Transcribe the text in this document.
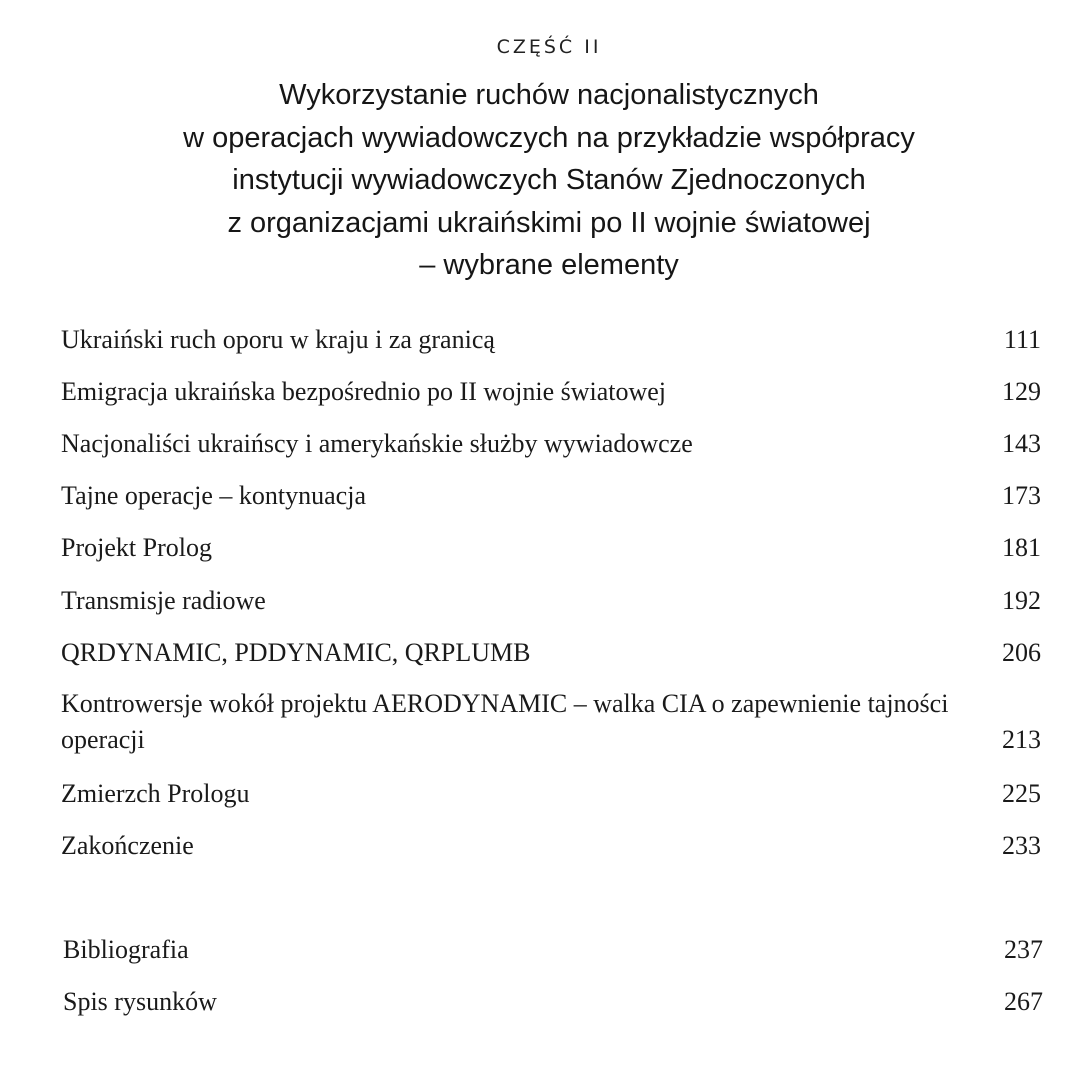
CZĘŚĆ II
Wykorzystanie ruchów nacjonalistycznych
w operacjach wywiadowczych na przykładzie współpracy
instytucji wywiadowczych Stanów Zjednoczonych
z organizacjami ukraińskimi po II wojnie światowej
– wybrane elementy
Ukraiński ruch oporu w kraju i za granicą	111
Emigracja ukraińska bezpośrednio po II wojnie światowej	129
Nacjonaliści ukraińscy i amerykańskie służby wywiadowcze	143
Tajne operacje – kontynuacja	173
Projekt Prolog	181
Transmisje radiowe	192
QRDYNAMIC, PDDYNAMIC, QRPLUMB	206
Kontrowersje wokół projektu AERODYNAMIC – walka CIA o zapewnienie tajności operacji	213
Zmierzch Prologu	225
Zakończenie	233
Bibliografia	237
Spis rysunków	267
